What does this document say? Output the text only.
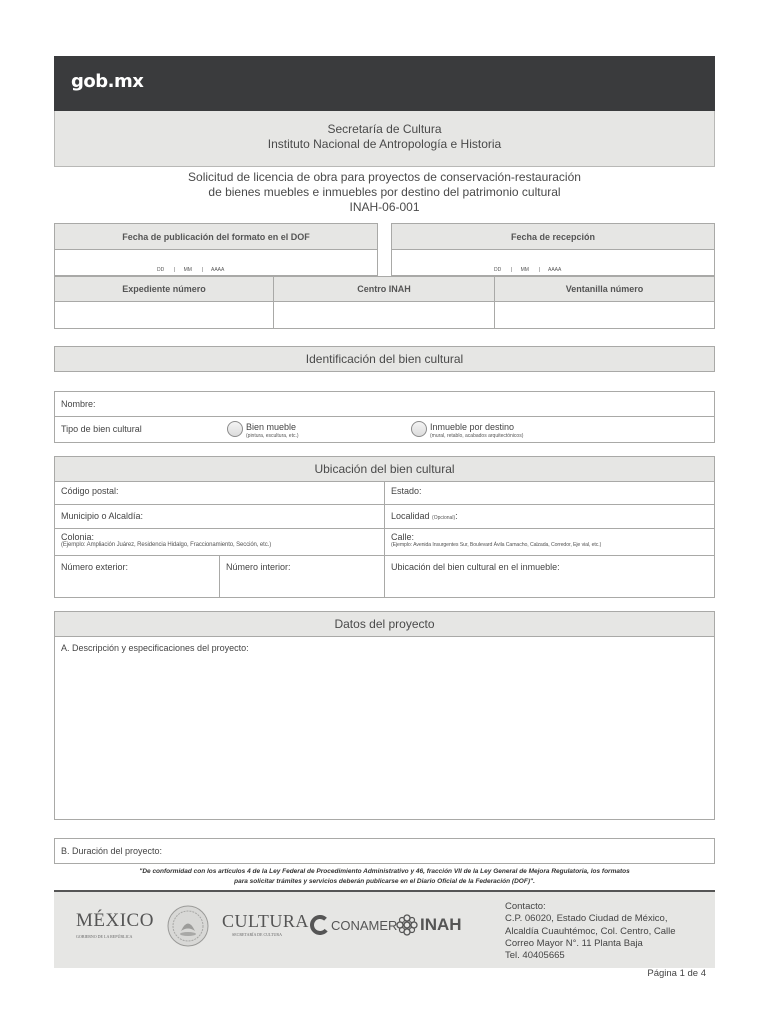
gob.mx
Secretaría de Cultura
Instituto Nacional de Antropología e Historia
Solicitud de licencia de obra para proyectos de conservación-restauración
de bienes muebles e inmuebles por destino del patrimonio cultural
INAH-06-001
Fecha de publicación del formato en el DOF
DD       |      MM       |      AAAA
Fecha de recepción
DD       |      MM       |      AAAA
Expediente número	Centro INAH	Ventanilla número
Identificación del bien cultural
Nombre:
Tipo de bien cultural	Bien mueble
(pintura, escultura, etc.)
Inmueble por destino
(mural, retablo, acabados arquitectónicos)
Ubicación del bien cultural
Código postal:	Estado:
Municipio o Alcaldía:	Localidad (Opcional):
Colonia:
(Ejemplo: Ampliación Juárez, Residencia Hidalgo, Fraccionamiento, Sección, etc.)
Calle:
(Ejemplo: Avenida Insurgentes Sur, Boulevard Ávila Camacho, Calzada, Corredor, Eje vial, etc.)
Número exterior:	Número interior:	Ubicación del bien cultural en el inmueble:
Datos del proyecto
A. Descripción y especificaciones del proyecto:
B. Duración del proyecto:
"De conformidad con los artículos 4 de la Ley Federal de Procedimiento Administrativo y 46, fracción VII de la Ley General de Mejora Regulatoria, los formatos
para solicitar trámites y servicios deberán publicarse en el Diario Oficial de la Federación (DOF)".
MÉXICO
GOBIERNO DE LA REPÚBLICA
CULTURA
SECRETARÍA DE CULTURA
CONAMER INAH
Contacto:
C.P. 06020, Estado Ciudad de México,
Alcaldía Cuauhtémoc, Col. Centro, Calle
Correo Mayor N°. 11 Planta Baja
Tel. 40405665
Página 1 de 4
